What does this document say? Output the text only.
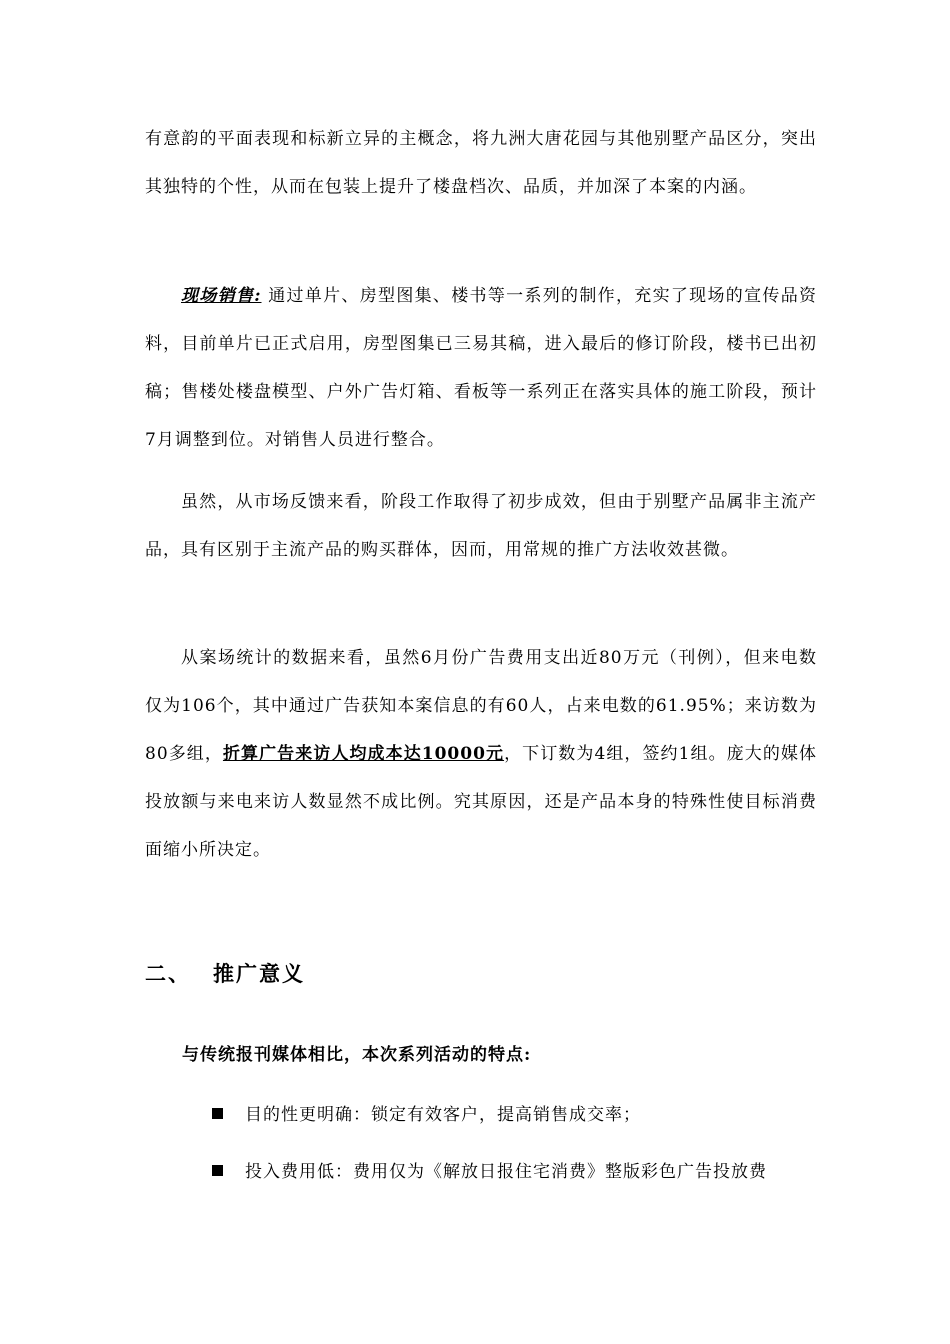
有意韵的平面表现和标新立异的主概念，将九洲大唐花园与其他别墅产品区分，突出其独特的个性，从而在包装上提升了楼盘档次、品质，并加深了本案的内涵。

现场销售: 通过单片、房型图集、楼书等一系列的制作，充实了现场的宣传品资料，目前单片已正式启用，房型图集已三易其稿，进入最后的修订阶段，楼书已出初稿；售楼处楼盘模型、户外广告灯箱、看板等一系列正在落实具体的施工阶段，预计7月调整到位。对销售人员进行整合。

虽然，从市场反馈来看，阶段工作取得了初步成效，但由于别墅产品属非主流产品，具有区别于主流产品的购买群体，因而，用常规的推广方法收效甚微。

从案场统计的数据来看，虽然6月份广告费用支出近80万元（刊例），但来电数仅为106个，其中通过广告获知本案信息的有60人，占来电数的61.95%；来访数为80多组，折算广告来访人均成本达10000元，下订数为4组，签约1组。庞大的媒体投放额与来电来访人数显然不成比例。究其原因，还是产品本身的特殊性使目标消费面缩小所决定。

二、 推广意义

与传统报刊媒体相比，本次系列活动的特点:

目的性更明确：锁定有效客户，提高销售成交率；

投入费用低：费用仅为《解放日报住宅消费》整版彩色广告投放费
